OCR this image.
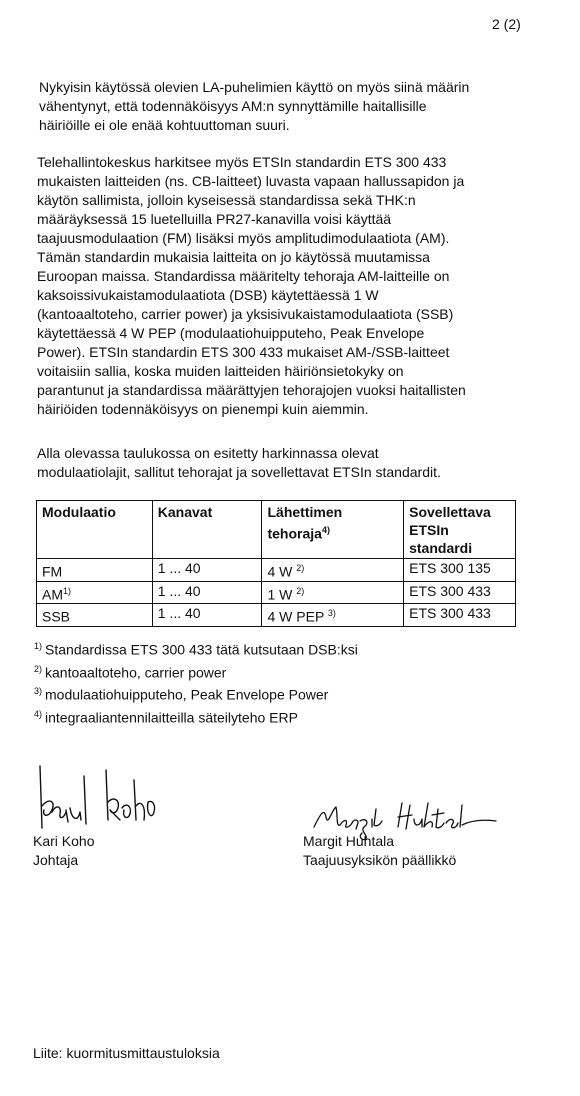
2 (2)

Nykyisin käytössä olevien LA-puhelimien käyttö on myös siinä määrin
vähentynyt, että todennäköisyys AM:n synnyttämille haitallisille
häiriöille ei ole enää kohtuuttoman suuri.

Telehallintokeskus harkitsee myös ETSIn standardin ETS 300 433
mukaisten laitteiden (ns. CB-laitteet) luvasta vapaan hallussapidon ja
käytön sallimista, jolloin kyseisessä standardissa sekä THK:n
määräyksessä 15 luetelluilla PR27-kanavilla voisi käyttää
taajuusmodulaation (FM) lisäksi myös amplitudimodulaatiota (AM).
Tämän standardin mukaisia laitteita on jo käytössä muutamissa
Euroopan maissa. Standardissa määritelty tehoraja AM-laitteille on
kaksoissivukaistamodulaatiota (DSB) käytettäessä 1 W
(kantoaaltoteho, carrier power) ja yksisivukaistamodulaatiota (SSB)
käytettäessä 4 W PEP (modulaatiohuipputeho, Peak Envelope
Power). ETSIn standardin ETS 300 433 mukaiset AM-/SSB-laitteet
voitaisiin sallia, koska muiden laitteiden häiriönsietokyky on
parantunut ja standardissa määrättyjen tehorajojen vuoksi haitallisten
häiriöiden todennäköisyys on pienempi kuin aiemmin.

Alla olevassa taulukossa on esitetty harkinnassa olevat
modulaatiolajit, sallitut tehorajat ja sovellettavat ETSIn standardit.

Modulaatio	Kanavat	Lähettimen tehoraja$^{4)}$	Sovellettava ETSIn standardi
FM	1 ... 40	4 W $^{2)}$	ETS 300 135
AM$^{1)}$	1 ... 40	1 W $^{2)}$	ETS 300 433
SSB	1 ... 40	4 W PEP $^{3)}$	ETS 300 433
$^{1)}$ Standardissa ETS 300 433 tätä kutsutaan DSB:ksi
$^{2)}$ kantoaaltoteho, carrier power
$^{3)}$ modulaatiohuipputeho, Peak Envelope Power
$^{4)}$ integraaliantennilaitteilla säteilyteho ERP
Kari Koho
Johtaja
Margit Huhtala
Taajuusyksikön päällikkö
Liite: kuormitusmittaustuloksia
